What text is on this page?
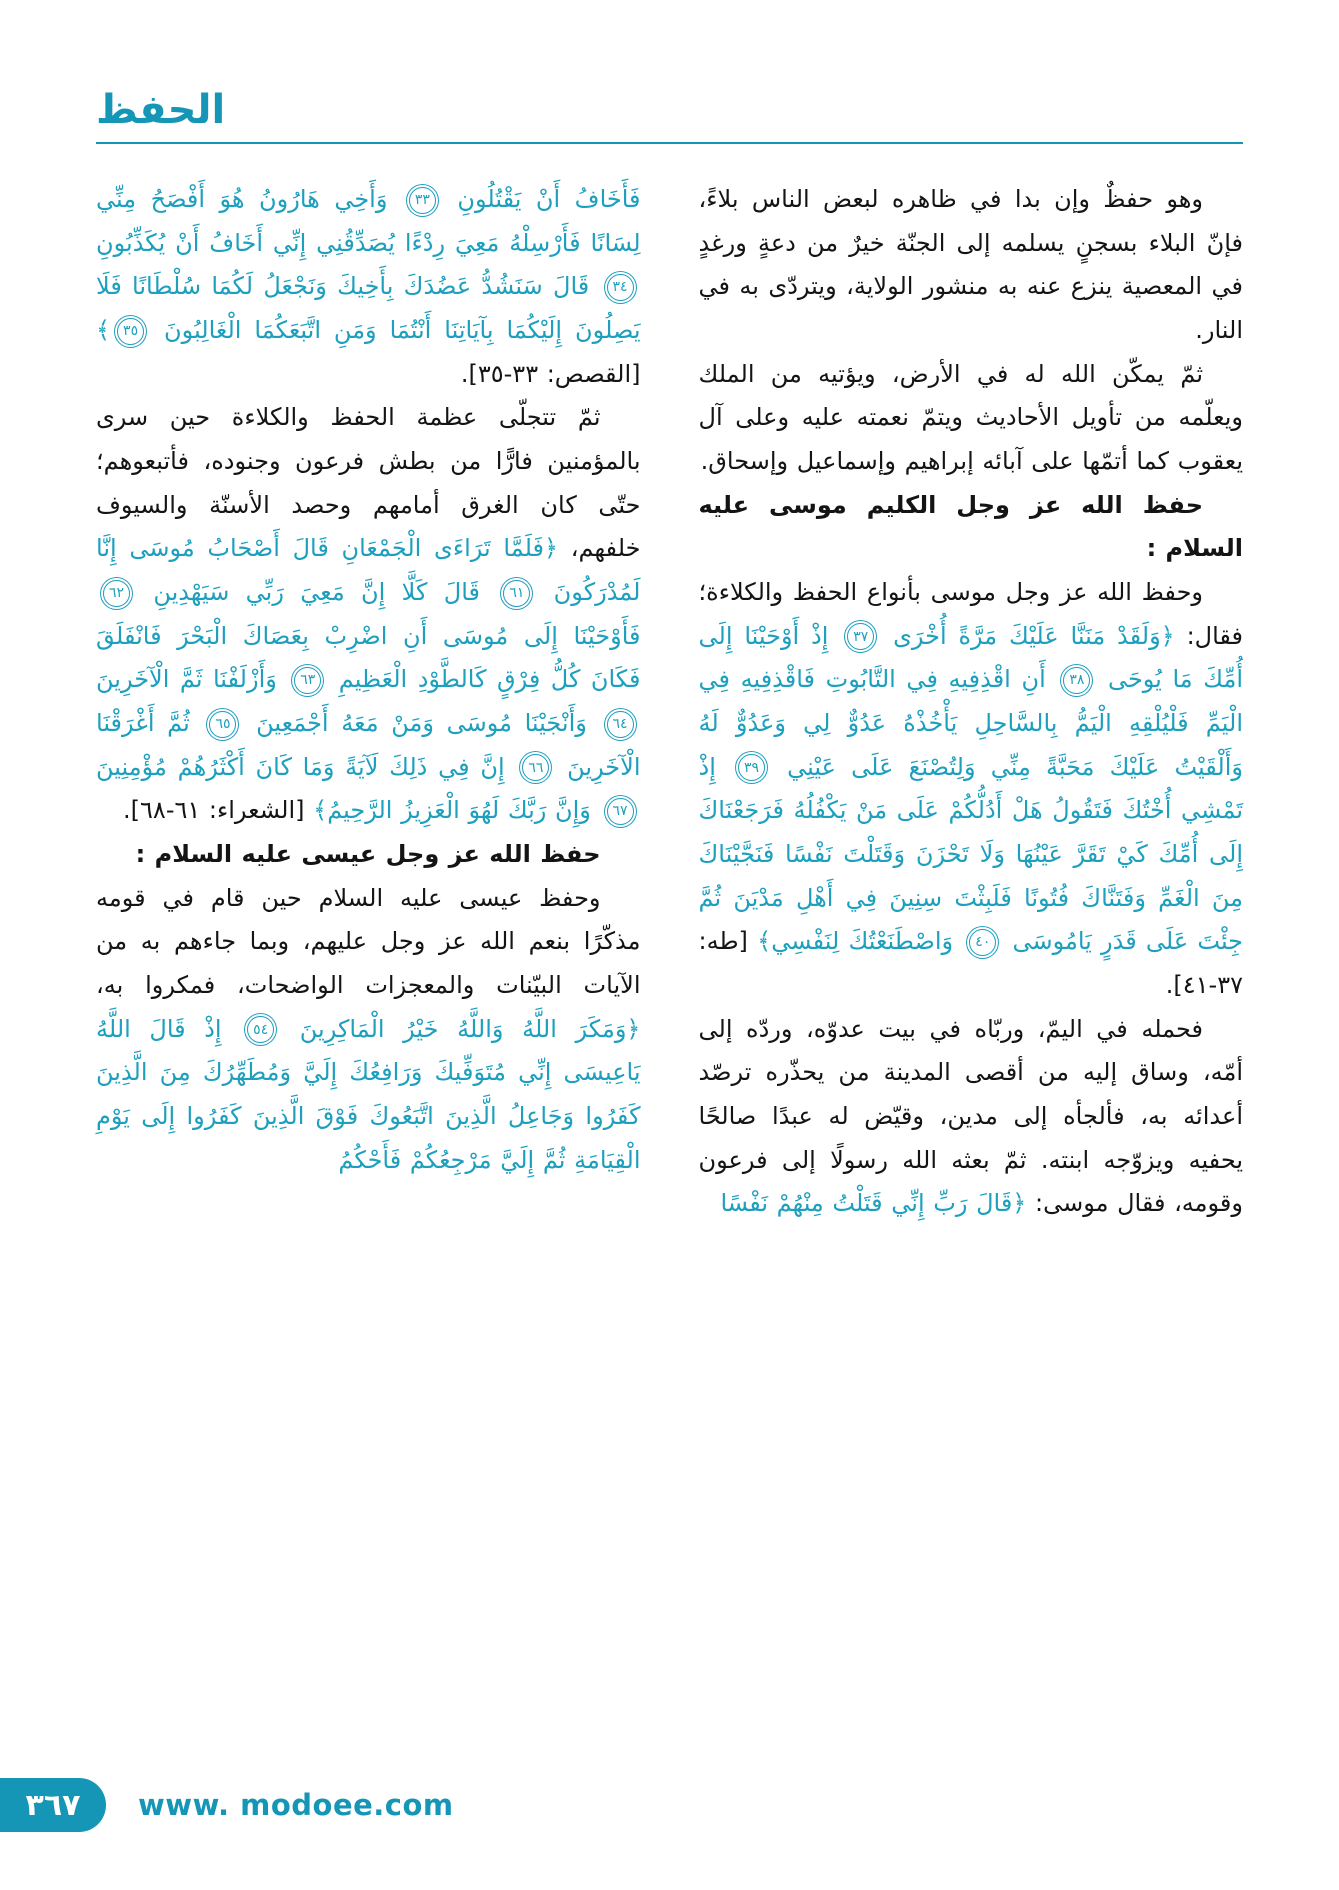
الحفظ

وهو حفظٌ وإن بدا في ظاهره لبعض الناس بلاءً، فإنّ البلاء بسجنٍ يسلمه إلى الجنّة خيرٌ من دعةٍ ورغدٍ في المعصية ينزع عنه به منشور الولاية، ويتردّى به في النار.

ثمّ يمكّن الله له في الأرض، ويؤتيه من الملك ويعلّمه من تأويل الأحاديث ويتمّ نعمته عليه وعلى آل يعقوب كما أتمّها على آبائه إبراهيم وإسماعيل وإسحاق.

حفظ الله عز وجل الكليم موسى عليه السلام :

وحفظ الله عز وجل موسى بأنواع الحفظ والكلاءة؛ فقال: ﴿وَلَقَدْ مَنَنَّا عَلَيْكَ مَرَّةً أُخْرَى ٣٧ إِذْ أَوْحَيْنَا إِلَى أُمِّكَ مَا يُوحَى ٣٨ أَنِ اقْذِفِيهِ فِي التَّابُوتِ فَاقْذِفِيهِ فِي الْيَمِّ فَلْيُلْقِهِ الْيَمُّ بِالسَّاحِلِ يَأْخُذْهُ عَدُوٌّ لِي وَعَدُوٌّ لَهُ وَأَلْقَيْتُ عَلَيْكَ مَحَبَّةً مِنِّي وَلِتُصْنَعَ عَلَى عَيْنِي ٣٩ إِذْ تَمْشِي أُخْتُكَ فَتَقُولُ هَلْ أَدُلُّكُمْ عَلَى مَنْ يَكْفُلُهُ فَرَجَعْنَاكَ إِلَى أُمِّكَ كَيْ تَقَرَّ عَيْنُهَا وَلَا تَحْزَنَ وَقَتَلْتَ نَفْسًا فَنَجَّيْنَاكَ مِنَ الْغَمِّ وَفَتَنَّاكَ فُتُونًا فَلَبِثْتَ سِنِينَ فِي أَهْلِ مَدْيَنَ ثُمَّ جِئْتَ عَلَى قَدَرٍ يَامُوسَى ٤٠ وَاصْطَنَعْتُكَ لِنَفْسِي﴾ [طه: ٣٧-٤١].

فحمله في اليمّ، وربّاه في بيت عدوّه، وردّه إلى أمّه، وساق إليه من أقصى المدينة من يحذّره ترصّد أعدائه به، فألجأه إلى مدين، وقيّض له عبدًا صالحًا يحفيه ويزوّجه ابنته. ثمّ بعثه الله رسولًا إلى فرعون وقومه، فقال موسى: ﴿قَالَ رَبِّ إِنِّي قَتَلْتُ مِنْهُمْ نَفْسًا

فَأَخَافُ أَنْ يَقْتُلُونِ ٣٣ وَأَخِي هَارُونُ هُوَ أَفْصَحُ مِنِّي لِسَانًا فَأَرْسِلْهُ مَعِيَ رِدْءًا يُصَدِّقُنِي إِنِّي أَخَافُ أَنْ يُكَذِّبُونِ ٣٤ قَالَ سَنَشُدُّ عَضُدَكَ بِأَخِيكَ وَنَجْعَلُ لَكُمَا سُلْطَانًا فَلَا يَصِلُونَ إِلَيْكُمَا بِآيَاتِنَا أَنْتُمَا وَمَنِ اتَّبَعَكُمَا الْغَالِبُونَ ٣٥﴾ [القصص: ٣٣-٣٥].

ثمّ تتجلّى عظمة الحفظ والكلاءة حين سرى بالمؤمنين فارًّا من بطش فرعون وجنوده، فأتبعوهم؛ حتّى كان الغرق أمامهم وحصد الأسنّة والسيوف خلفهم، ﴿فَلَمَّا تَرَاءَى الْجَمْعَانِ قَالَ أَصْحَابُ مُوسَى إِنَّا لَمُدْرَكُونَ ٦١ قَالَ كَلَّا إِنَّ مَعِيَ رَبِّي سَيَهْدِينِ ٦٢ فَأَوْحَيْنَا إِلَى مُوسَى أَنِ اضْرِبْ بِعَصَاكَ الْبَحْرَ فَانْفَلَقَ فَكَانَ كُلُّ فِرْقٍ كَالطَّوْدِ الْعَظِيمِ ٦٣ وَأَزْلَفْنَا ثَمَّ الْآخَرِينَ ٦٤ وَأَنْجَيْنَا مُوسَى وَمَنْ مَعَهُ أَجْمَعِينَ ٦٥ ثُمَّ أَغْرَقْنَا الْآخَرِينَ ٦٦ إِنَّ فِي ذَلِكَ لَآيَةً وَمَا كَانَ أَكْثَرُهُمْ مُؤْمِنِينَ ٦٧ وَإِنَّ رَبَّكَ لَهُوَ الْعَزِيزُ الرَّحِيمُ﴾ [الشعراء: ٦١-٦٨].

حفظ الله عز وجل عيسى عليه السلام :

وحفظ عيسى عليه السلام حين قام في قومه مذكّرًا بنعم الله عز وجل عليهم، وبما جاءهم به من الآيات البيّنات والمعجزات الواضحات، فمكروا به، ﴿وَمَكَرَ اللَّهُ وَاللَّهُ خَيْرُ الْمَاكِرِينَ ٥٤ إِذْ قَالَ اللَّهُ يَاعِيسَى إِنِّي مُتَوَفِّيكَ وَرَافِعُكَ إِلَيَّ وَمُطَهِّرُكَ مِنَ الَّذِينَ كَفَرُوا وَجَاعِلُ الَّذِينَ اتَّبَعُوكَ فَوْقَ الَّذِينَ كَفَرُوا إِلَى يَوْمِ الْقِيَامَةِ ثُمَّ إِلَيَّ مَرْجِعُكُمْ فَأَحْكُمُ

٣٦٧	www. modoee.com
